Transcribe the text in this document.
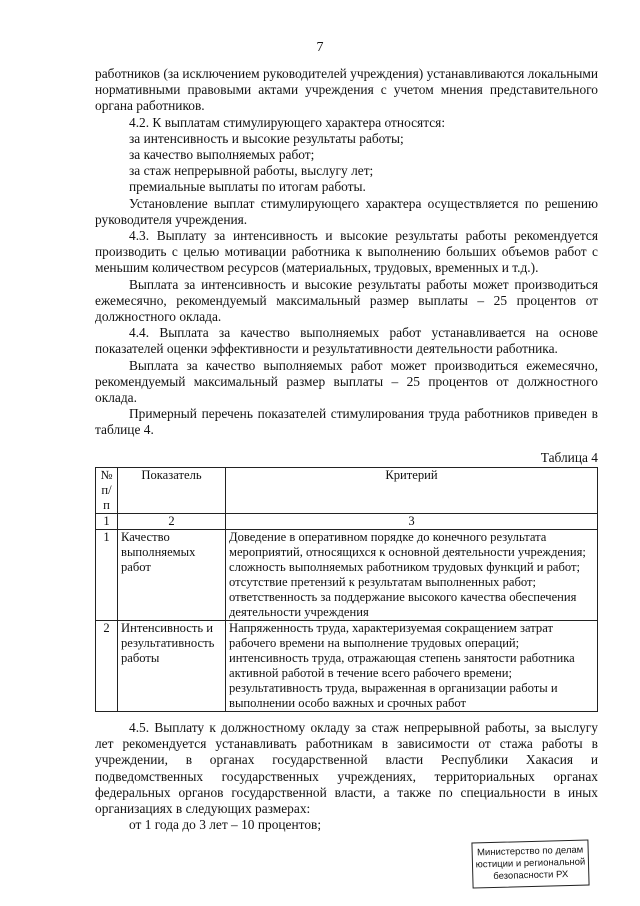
7

работников (за исключением руководителей учреждения) устанавливаются локальными нормативными правовыми актами учреждения с учетом мнения представительного органа работников.

4.2. К выплатам стимулирующего характера относятся:

за интенсивность и высокие результаты работы;

за качество выполняемых работ;

за стаж непрерывной работы, выслугу лет;

премиальные выплаты по итогам работы.

Установление выплат стимулирующего характера осуществляется по решению руководителя учреждения.

4.3. Выплату за интенсивность и высокие результаты работы рекомендуется производить с целью мотивации работника к выполнению больших объемов работ с меньшим количеством ресурсов (материальных, трудовых, временных и т.д.).

Выплата за интенсивность и высокие результаты работы может производиться ежемесячно, рекомендуемый максимальный размер выплаты – 25 процентов от должностного оклада.

4.4. Выплата за качество выполняемых работ устанавливается на основе показателей оценки эффективности и результативности деятельности работника.

Выплата за качество выполняемых работ может производиться ежемесячно, рекомендуемый максимальный размер выплаты – 25 процентов от должностного оклада.

Примерный перечень показателей стимулирования труда работников приведен в таблице 4.

Таблица 4
№ п/п	Показатель	Критерий
1	2	3
1	Качество выполняемых работ	Доведение в оперативном порядке до конечного результата мероприятий, относящихся к основной деятельности учреждения;
сложность выполняемых работником трудовых функций и работ;
отсутствие претензий к результатам выполненных работ;
ответственность за поддержание высокого качества обеспечения деятельности учреждения

2	Интенсивность и результативность работы	Напряженность труда, характеризуемая сокращением затрат рабочего времени на выполнение трудовых операций;
интенсивность труда, отражающая степень занятости работника активной работой в течение всего рабочего времени;
результативность труда, выраженная в организации работы и выполнении особо важных и срочных работ

4.5. Выплату к должностному окладу за стаж непрерывной работы, за выслугу лет рекомендуется устанавливать работникам в зависимости от стажа работы в учреждении, в органах государственной власти Республики Хакасия и подведомственных государственных учреждениях, территориальных органах федеральных органов государственной власти, а также по специальности в иных организациях в следующих размерах:

от 1 года до 3 лет – 10 процентов;

Министерство по делам
юстиции и региональной
безопасности РХ
